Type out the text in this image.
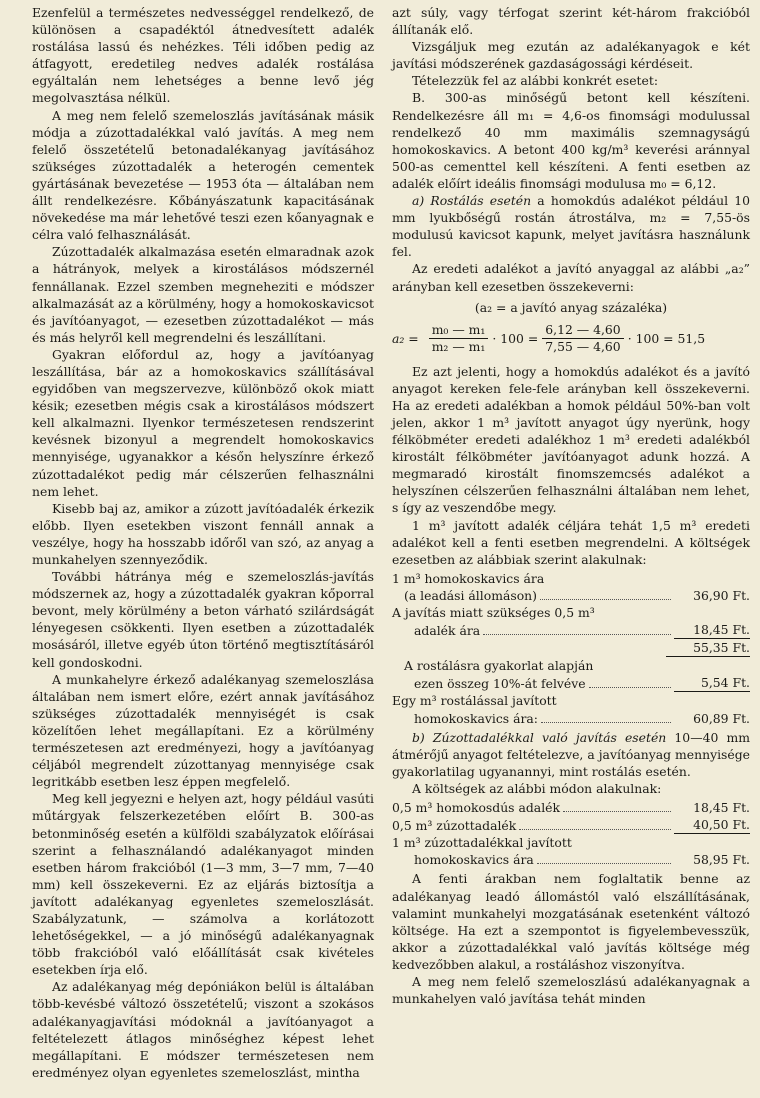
Ezenfelül a természetes nedvességgel rendelkező, de különösen a csapadéktól átnedvesített adalék rostálása lassú és nehézkes. Téli időben pedig az átfagyott, eredetileg nedves adalék rostálása egyáltalán nem lehetséges a benne levő jég megolvasztása nélkül.

A meg nem felelő szemeloszlás javításának másik módja a zúzottadalékkal való javítás. A meg nem felelő összetételű betonadalékanyag javításához szükséges zúzottadalék a heterogén cementek gyártásának bevezetése — 1953 óta — általában nem állt rendelkezésre. Kőbányászatunk kapacitásának növekedése ma már lehetővé teszi ezen kőanyagnak e célra való felhasználását.

Zúzottadalék alkalmazása esetén elmaradnak azok a hátrányok, melyek a kirostálásos módszernél fennállanak. Ezzel szemben megneheziti e módszer alkalmazását az a körülmény, hogy a homokoskavicsot és javítóanyagot, — ezesetben zúzottadalékot — más és más helyről kell megrendelni és leszállítani.

Gyakran előfordul az, hogy a javítóanyag leszállítása, bár az a homokoskavics szállításával egyidőben van megszervezve, különböző okok miatt késik; ezesetben mégis csak a kirostálásos módszert kell alkalmazni. Ilyenkor természetesen rendszerint kevésnek bizonyul a megrendelt homokoskavics mennyisége, ugyanakkor a későn helyszínre érkező zúzottadalékot pedig már célszerűen felhasználni nem lehet.

Kisebb baj az, amikor a zúzott javítóadalék érkezik előbb. Ilyen esetekben viszont fennáll annak a veszélye, hogy ha hosszabb időről van szó, az anyag a munkahelyen szennyeződik.

További hátránya még e szemeloszlás-javítás módszernek az, hogy a zúzottadalék gyakran kőporral bevont, mely körülmény a beton várható szilárdságát lényegesen csökkenti. Ilyen esetben a zúzottadalék mosásáról, illetve egyéb úton történő megtisztításáról kell gondoskodni.

A munkahelyre érkező adalékanyag szemeloszlása általában nem ismert előre, ezért annak javításához szükséges zúzottadalék mennyiségét is csak közelítően lehet megállapítani. Ez a körülmény természetesen azt eredményezi, hogy a javítóanyag céljából megrendelt zúzottanyag mennyisége csak legritkább esetben lesz éppen megfelelő.

Meg kell jegyezni e helyen azt, hogy például vasúti műtárgyak felszerkezetében előírt B. 300-as betonminőség esetén a külföldi szabályzatok előírásai szerint a felhasználandó adalékanyagot minden esetben három frakcióból (1—3 mm, 3—7 mm, 7—40 mm) kell összekeverni. Ez az eljárás biztosítja a javított adalékanyag egyenletes szemeloszlását. Szabályzatunk, — számolva a korlátozott lehetőségekkel, — a jó minőségű adalékanyagnak több frakcióból való előállítását csak kivételes esetekben írja elő.

Az adalékanyag még depóniákon belül is általában több-kevésbé változó összetételű; viszont a szokásos adalékanyagjavítási módoknál a javítóanyagot a feltételezett átlagos minőséghez képest lehet megállapítani. E módszer természetesen nem eredményez olyan egyenletes szemeloszlást, mintha

azt súly, vagy térfogat szerint két-három frakcióból állítanák elő.

Vizsgáljuk meg ezután az adalékanyagok e két javítási módszerének gazdaságossági kérdéseit.

Tételezzük fel az alábbi konkrét esetet:

B. 300-as minőségű betont kell készíteni. Rendelkezésre áll m₁ = 4,6-os finomsági modulussal rendelkező 40 mm maximális szemnagyságú homokoskavics. A betont 400 kg/m³ keverési aránnyal 500-as cementtel kell készíteni. A fenti esetben az adalék előírt ideális finomsági modulusa m₀ = 6,12.

a) Rostálás esetén a homokdús adalékot például 10 mm lyukbőségű rostán átrostálva, m₂ = 7,55-ös modulusú kavicsot kapunk, melyet javításra használunk fel.

Az eredeti adalékot a javító anyaggal az alábbi „a₂” arányban kell ezesetben összekeverni:

(a₂ = a javító anyag százaléka)

$a_2 = \frac{\text{m₀ — m₁}}{\text{m₂ — m₁}} \cdot 100 = \frac{6,12 — 4,60}{7,55 — 4,60} \cdot 100 = 51,5$

Ez azt jelenti, hogy a homokdús adalékot és a javító anyagot kereken fele-fele arányban kell összekeverni. Ha az eredeti adalékban a homok például 50%-ban volt jelen, akkor 1 m³ javított anyagot úgy nyerünk, hogy félköbméter eredeti adalékhoz 1 m³ eredeti adalékból kirostált félköbméter javítóanyagot adunk hozzá. A megmaradó kirostált finomszemcsés adalékot a helyszínen célszerűen felhasználni általában nem lehet, s így az veszendőbe megy.

1 m³ javított adalék céljára tehát 1,5 m³ eredeti adalékot kell a fenti esetben megrendelni. A költségek ezesetben az alábbiak szerint alakulnak:

1 m³ homokoskavics ára
(a leadási állomáson)	36,90 Ft.
A javítás miatt szükséges 0,5 m³
adalék ára	18,45 Ft.
55,35 Ft.
A rostálásra gyakorlat alapján
ezen összeg 10%-át felvéve	5,54 Ft.
Egy m³ rostálással javított
homokoskavics ára:	60,89 Ft.

b) Zúzottadalékkal való javítás esetén 10—40 mm átmérőjű anyagot feltételezve, a javítóanyag mennyisége gyakorlatilag ugyanannyi, mint rostálás esetén.

A költségek az alábbi módon alakulnak:

0,5 m³ homokosdús adalék	18,45 Ft.
0,5 m³ zúzottadalék	40,50 Ft.
1 m³ zúzottadalékkal javított
homokoskavics ára	58,95 Ft.

A fenti árakban nem foglaltatik benne az adalékanyag leadó állomástól való elszállításának, valamint munkahelyi mozgatásának esetenként változó költsége. Ha ezt a szempontot is figyelembevesszük, akkor a zúzottadalékkal való javítás költsége még kedvezőbben alakul, a rostáláshoz viszonyítva.

A meg nem felelő szemeloszlású adalékanyagnak a munkahelyen való javítása tehát minden
